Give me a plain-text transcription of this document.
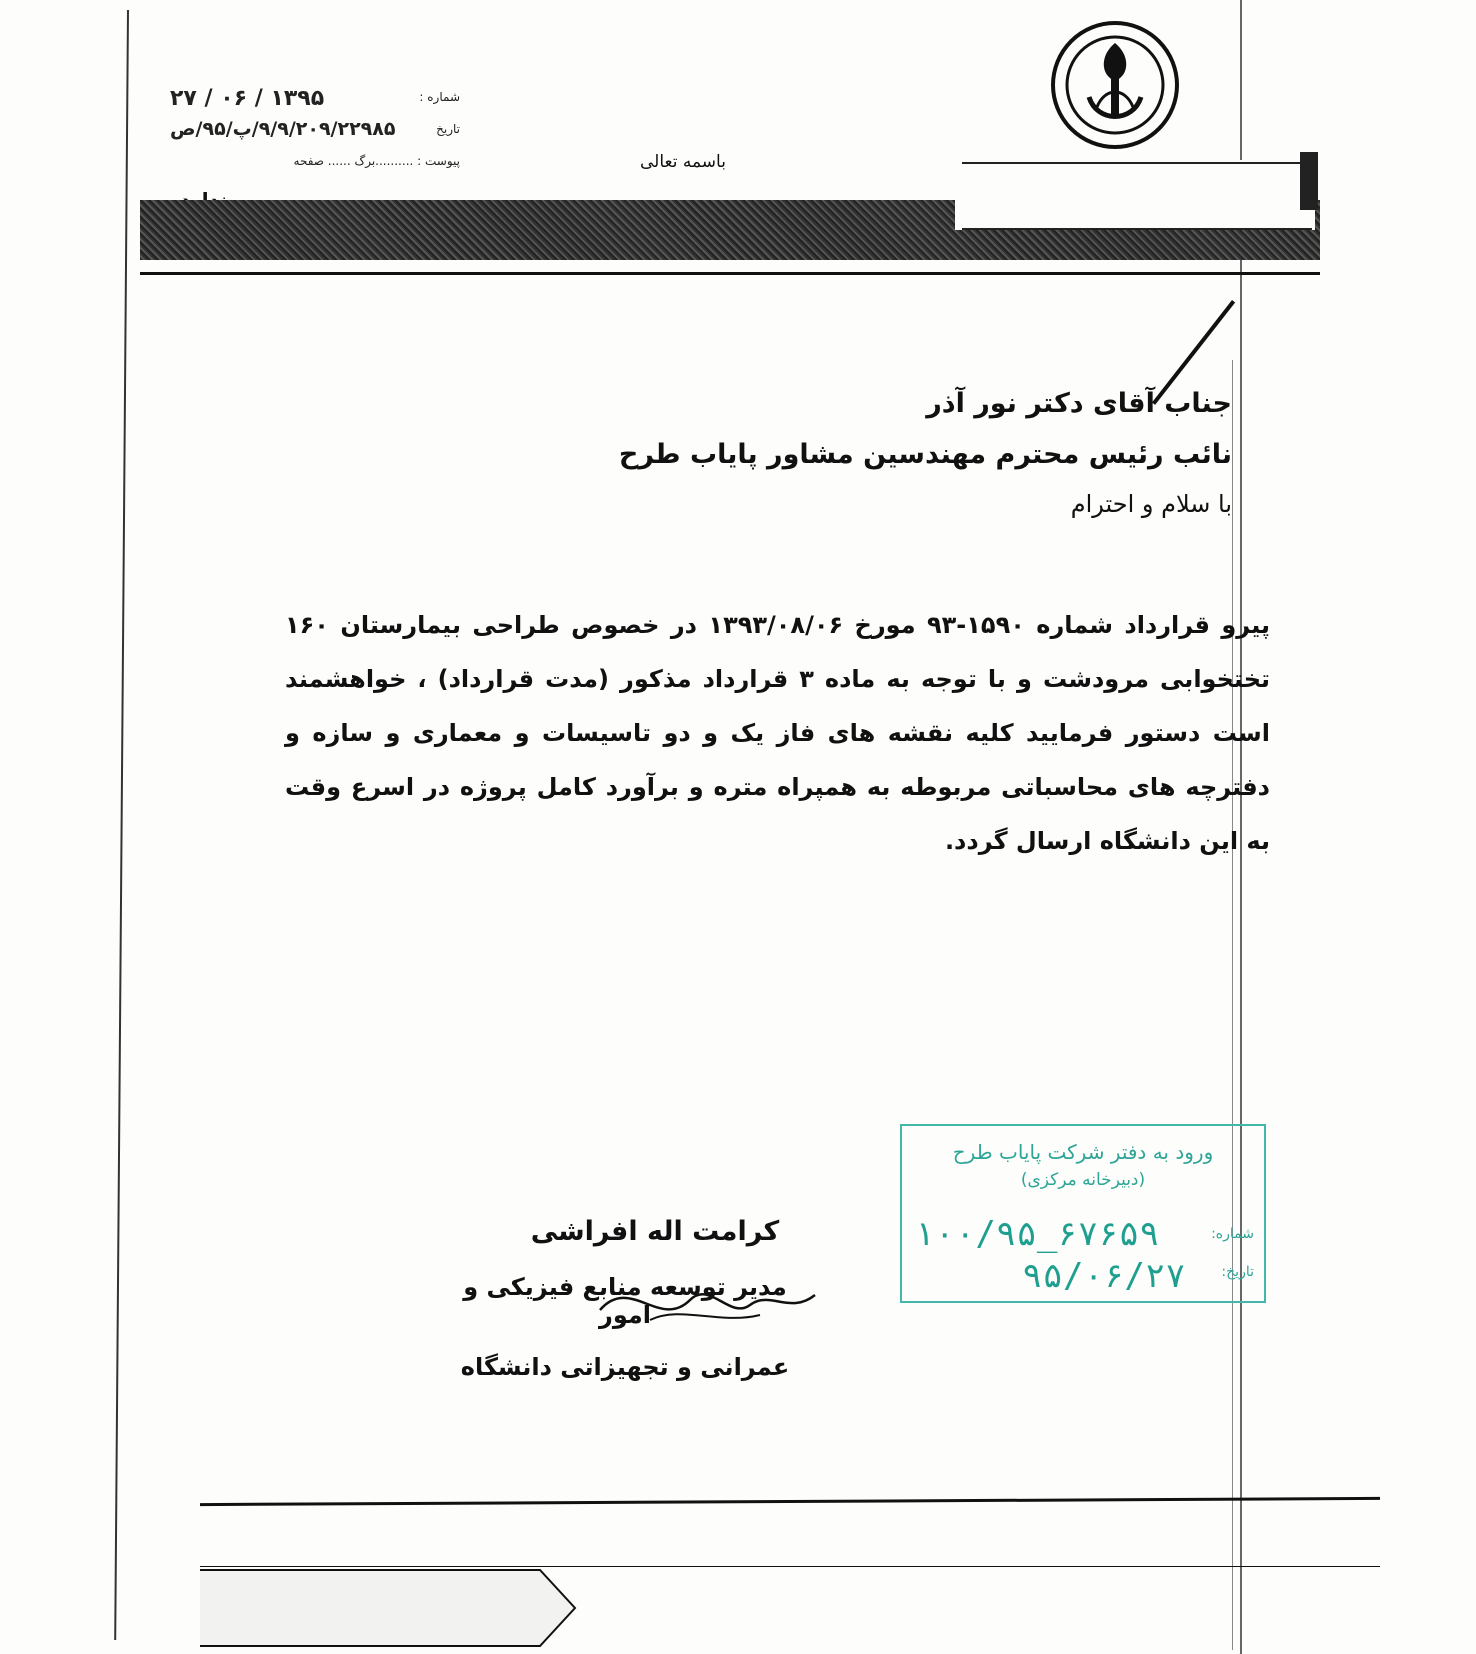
شماره :
۱۳۹۵ / ۰۶ / ۲۷
تاریخ
۹/۹/۲۰۹/۲۲۹۸۵/پ/۹۵/ص
پیوست : ..........برگ ...... صفحه	باسمه تعالی
جناب آقای دکتر نور آذر
نائب رئیس محترم مهندسین مشاور پایاب طرح
با سلام و احترام
پیرو قرارداد شماره ۱۵۹۰-۹۳ مورخ ۱۳۹۳/۰۸/۰۶ در خصوص طراحی بیمارستان ۱۶۰ تختخوابی مرودشت و با توجه به ماده ۳ قرارداد مذکور (مدت قرارداد) ، خواهشمند است دستور فرمایید کلیه نقشه های فاز یک و دو تاسیسات و معماری و سازه و دفترچه های محاسباتی مربوطه به همپراه متره و برآورد کامل پروژه در اسرع وقت به این دانشگاه ارسال گردد.
ورود به دفتر شرکت پایاب طرح
(دبیرخانه مرکزی)
شماره:
۱۰۰/۹۵_۶۷۶۵۹
تاریخ:
۹۵/۰۶/۲۷
کرامت اله افراشی
مدیر توسعه منابع فیزیکی و امور
عمرانی و تجهیزاتی دانشگاه
